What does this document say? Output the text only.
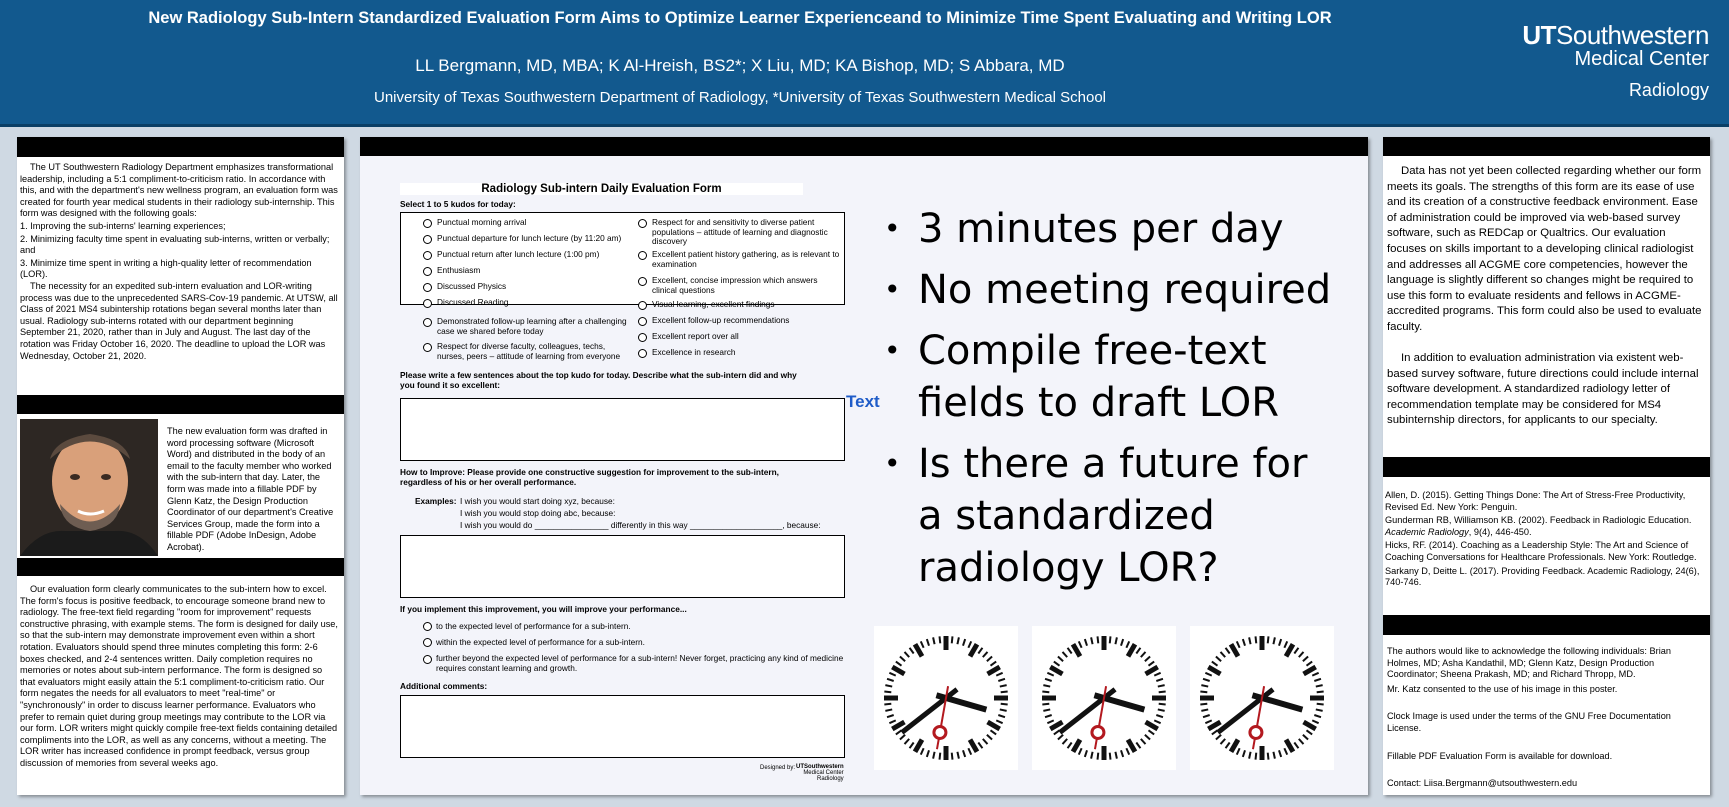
New Radiology Sub-Intern Standardized Evaluation Form Aims to Optimize Learner Experienceand to Minimize Time Spent Evaluating and Writing LOR
LL Bergmann, MD, MBA; K Al-Hreish, BS2*; X Liu, MD; KA Bishop, MD; S Abbara, MD
University of Texas Southwestern Department of Radiology, *University of Texas Southwestern Medical School
UTSouthwestern
Medical Center
Radiology

The UT Southwestern Radiology Department emphasizes transformational leadership, including a 5:1 compliment-to-criticism ratio. In accordance with this, and with the department's new wellness program, an evaluation form was created for fourth year medical students in their radiology sub-internship. This form was designed with the following goals:

1. Improving the sub-interns' learning experiences;

2. Minimizing faculty time spent in evaluating sub-interns, written or verbally; and

3. Minimize time spent in writing a high-quality letter of recommendation (LOR).

The necessity for an expedited sub-intern evaluation and LOR-writing process was due to the unprecedented SARS-Cov-19 pandemic. At UTSW, all Class of 2021 MS4 subintership rotations began several months later than usual. Radiology sub-interns rotated with our department beginning September 21, 2020, rather than in July and August. The last day of the rotation was Friday October 16, 2020. The deadline to upload the LOR was Wednesday, October 21, 2020.

The new evaluation form was drafted in word processing software (Microsoft Word) and distributed in the body of an email to the faculty member who worked with the sub-intern that day. Later, the form was made into a fillable PDF by Glenn Katz, the Design Production Coordinator of our department's Creative Services Group, made the form into a fillable PDF (Adobe InDesign, Adobe Acrobat).

Our evaluation form clearly communicates to the sub-intern how to excel. The form's focus is positive feedback, to encourage someone brand new to radiology. The free-text field regarding "room for improvement" requests constructive phrasing, with example stems. The form is designed for daily use, so that the sub-intern may demonstrate improvement even within a short rotation. Evaluators should spend three minutes completing this form: 2-6 boxes checked, and 2-4 sentences written. Daily completion requires no memories or notes about sub-intern performance. The form is designed so that evaluators might easily attain the 5:1 compliment-to-criticism ratio. Our form negates the needs for all evaluators to meet "real-time" or "synchronously" in order to discuss learner performance. Evaluators who prefer to remain quiet during group meetings may contribute to the LOR via our form. LOR writers might quickly compile free-text fields containing detailed compliments into the LOR, as well as any concerns, without a meeting. The LOR writer has increased confidence in prompt feedback, versus group discussion of memories from several weeks ago.

Radiology Sub-intern Daily Evaluation Form
Select 1 to 5 kudos for today:
Please write a few sentences about the top kudo for today. Describe what the sub-intern did and why you found it so excellent:
Text
How to Improve: Please provide one constructive suggestion for improvement to the sub-intern, regardless of his or her overall performance.
Examples: I wish you would start doing xyz, because:
I wish you would stop doing abc, because:
I wish you would do ________________ differently in this way ____________________, because:
If you implement this improvement, you will improve your performance...
to the expected level of performance for a sub-intern.
within the expected level of performance for a sub-intern.
further beyond the expected level of performance for a sub-intern! Never forget, practicing any kind of medicine requires constant learning and growth.
Additional comments:
Designed by: UTSouthwestern
Medical Center
Radiology
• 3 minutes per day
• No meeting required
• Compile free-text fields to draft LOR
• Is there a future for a standardized radiology LOR?
Punctual morning arrival
Punctual departure for lunch lecture (by 11:20 am)
Punctual return after lunch lecture (1:00 pm)
Enthusiasm
Discussed Physics
Discussed Reading
Demonstrated follow-up learning after a challenging case we shared before today
Respect for diverse faculty, colleagues, techs, nurses, peers – attitude of learning from everyone
Respect for and sensitivity to diverse patient populations – attitude of learning and diagnostic discovery
Excellent patient history gathering, as is relevant to examination
Excellent, concise impression which answers clinical questions
Visual learning, excellent findings
Excellent follow-up recommendations
Excellent report over all
Excellence in research

Data has not yet been collected regarding whether our form meets its goals. The strengths of this form are its ease of use and its creation of a constructive feedback environment. Ease of administration could be improved via web-based survey software, such as REDCap or Qualtrics. Our evaluation focuses on skills important to a developing clinical radiologist and addresses all ACGME core competencies, however the language is slightly different so changes might be required to use this form to evaluate residents and fellows in ACGME-accredited programs. This form could also be used to evaluate faculty.

In addition to evaluation administration via existent web-based survey software, future directions could include internal software development. A standardized radiology letter of recommendation template may be considered for MS4 subinternship directors, for applicants to our specialty.

Allen, D. (2015). Getting Things Done: The Art of Stress-Free Productivity, Revised Ed. New York: Penguin.

Gunderman RB, Williamson KB. (2002). Feedback in Radiologic Education. Academic Radiology, 9(4), 446-450.

Hicks, RF. (2014). Coaching as a Leadership Style: The Art and Science of Coaching Conversations for Healthcare Professionals. New York: Routledge.

Sarkany D, Deitte L. (2017). Providing Feedback. Academic Radiology, 24(6), 740-746.

The authors would like to acknowledge the following individuals: Brian Holmes, MD; Asha Kandathil, MD; Glenn Katz, Design Production Coordinator; Sheena Prakash, MD; and Richard Thropp, MD.

Mr. Katz consented to the use of his image in this poster.

Clock Image is used under the terms of the GNU Free Documentation License.

Fillable PDF Evaluation Form is available for download.

Contact: Liisa.Bergmann@utsouthwestern.edu
